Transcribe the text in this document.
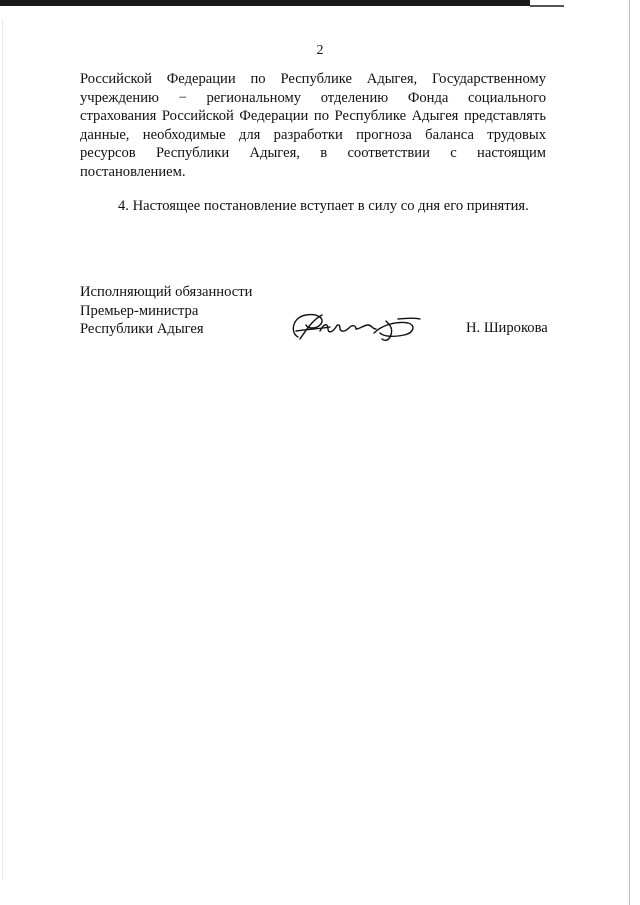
2
Российской Федерации по Республике Адыгея, Государственному
учреждению − региональному отделению Фонда социального
страхования Российской Федерации по Республике Адыгея представлять
данные, необходимые для разработки прогноза баланса трудовых
ресурсов Республики Адыгея, в соответствии с настоящим
постановлением.
4. Настоящее постановление вступает в силу со дня его принятия.
Исполняющий обязанности
Премьер-министра
Республики Адыгея	Н. Широкова
